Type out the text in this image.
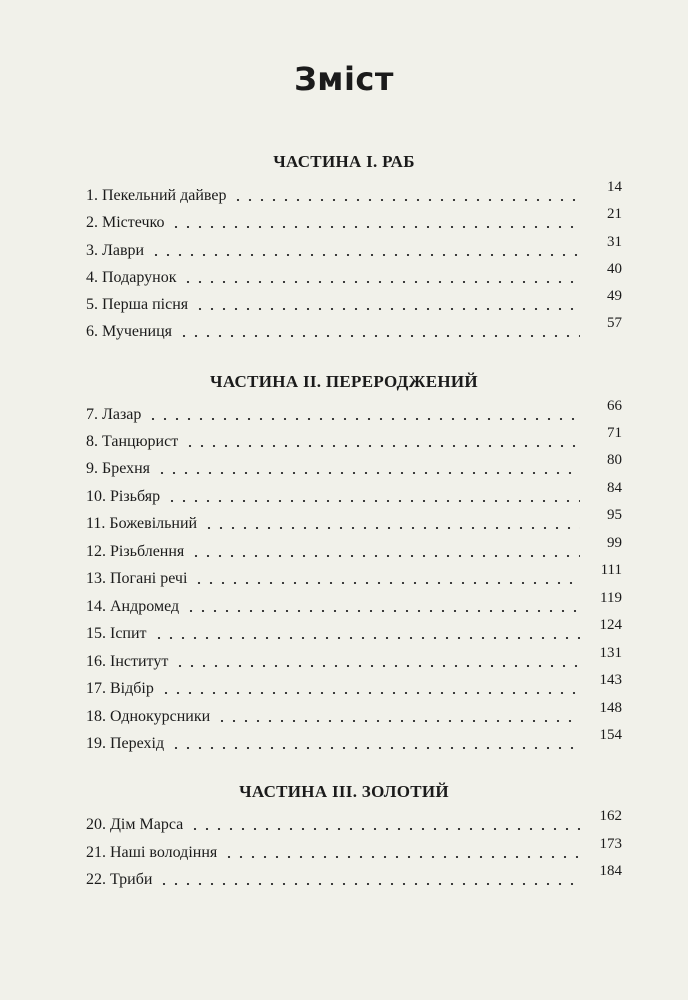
Зміст
ЧАСТИНА І. РАБ
1. Пекельний дайвер	14
2. Містечко	21
3. Лаври	31
4. Подарунок	40
5. Перша пісня	49
6. Мучениця	57
ЧАСТИНА ІІ. ПЕРЕРОДЖЕНИЙ
7. Лазар	66
8. Танцюрист	71
9. Брехня	80
10. Різьбяр	84
11. Божевільний	95
12. Різьблення	99
13. Погані речі	111
14. Андромед	119
15. Іспит	124
16. Інститут	131
17. Відбір	143
18. Однокурсники	148
19. Перехід	154
ЧАСТИНА ІІІ. ЗОЛОТИЙ
20. Дім Марса	162
21. Наші володіння	173
22. Триби	184
